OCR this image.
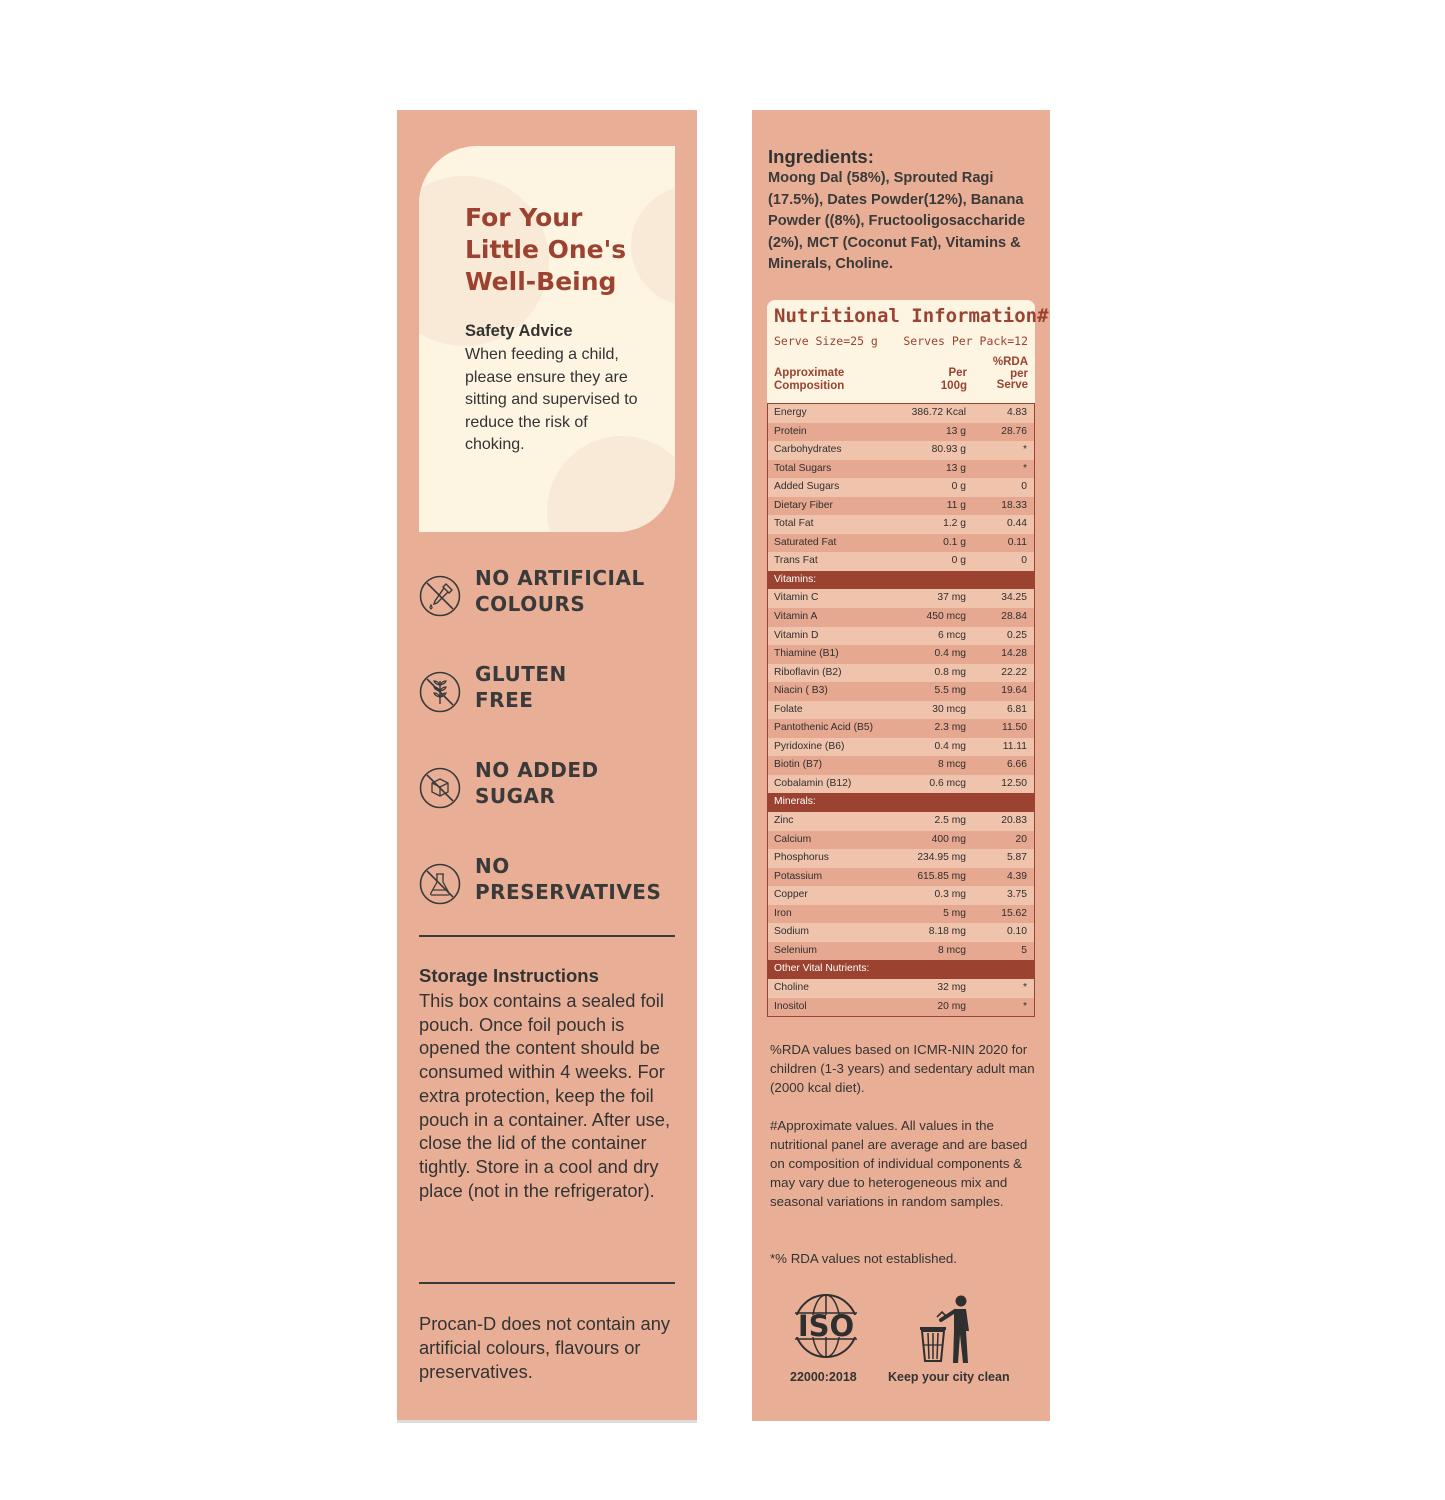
For Your
Little One's
Well-Being
Safety Advice
When feeding a child, please ensure they are sitting and supervised to reduce the risk of choking.
NO ARTIFICIAL
COLOURS
GLUTEN
FREE
NO ADDED
SUGAR
NO
PRESERVATIVES
Storage Instructions
This box contains a sealed foil pouch. Once foil pouch is opened the content should be consumed within 4 weeks. For extra protection, keep the foil pouch in a container. After use, close the lid of the container tightly. Store in a cool and dry place (not in the refrigerator).
Procan-D does not contain any artificial colours, flavours or preservatives.
Ingredients:
Moong Dal (58%), Sprouted Ragi (17.5%), Dates Powder(12%), Banana Powder ((8%), Fructooligosaccharide (2%), MCT (Coconut Fat), Vitamins & Minerals, Choline.
Nutritional Information#
Serve Size=25 g Serves Per Pack=12
Approximate Composition
Per 100g
%RDA per Serve
Energy	386.72 Kcal	4.83
Protein	13 g	28.76
Carbohydrates	80.93 g	*
Total Sugars	13 g	*
Added Sugars	0 g	0
Dietary Fiber	11 g	18.33
Total Fat	1.2 g	0.44
Saturated Fat	0.1 g	0.11
Trans Fat	0 g	0
Vitamins:
Vitamin C	37 mg	34.25
Vitamin A	450 mcg	28.84
Vitamin D	6 mcg	0.25
Thiamine (B1)	0.4 mg	14.28
Riboflavin (B2)	0.8 mg	22.22
Niacin ( B3)	5.5 mg	19.64
Folate	30 mcg	6.81
Pantothenic Acid (B5)	2.3 mg	11.50
Pyridoxine (B6)	0.4 mg	11.11
Biotin (B7)	8 mcg	6.66
Cobalamin (B12)	0.6 mcg	12.50
Minerals:
Zinc	2.5 mg	20.83
Calcium	400 mg	20
Phosphorus	234.95 mg	5.87
Potassium	615.85 mg	4.39
Copper	0.3 mg	3.75
Iron	5 mg	15.62
Sodium	8.18 mg	0.10
Selenium	8 mcg	5
Other Vital Nutrients:
Choline	32 mg	*
Inositol	20 mg	*
%RDA values based on ICMR-NIN 2020 for children (1-3 years) and sedentary adult man (2000 kcal diet).
#Approximate values. All values in the nutritional panel are average and are based on composition of individual components & may vary due to heterogeneous mix and seasonal variations in random samples.
*% RDA values not established.
ISO
22000:2018	Keep your city clean
